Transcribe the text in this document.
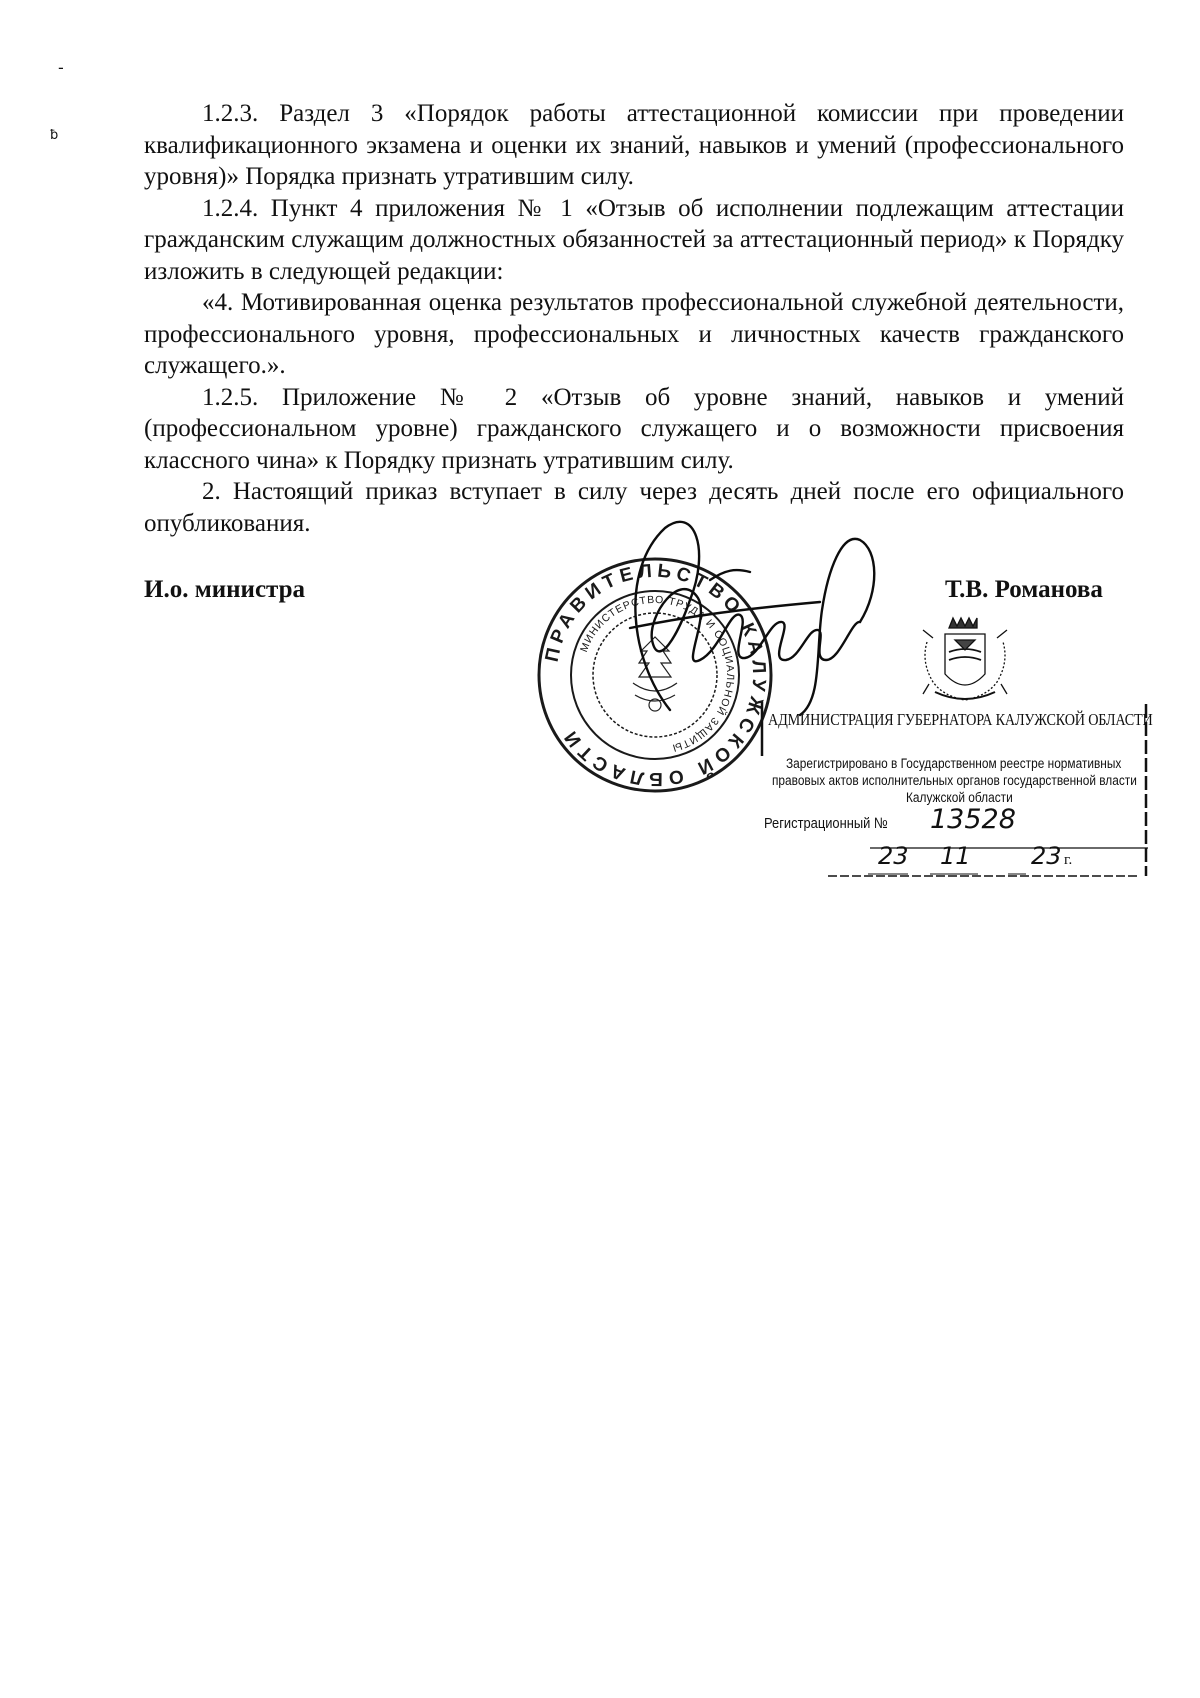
-
ƀ

1.2.3. Раздел 3 «Порядок работы аттестационной комиссии при проведении квалификационного экзамена и оценки их знаний, навыков и умений (профессионального уровня)» Порядка признать утратившим силу.

1.2.4. Пункт 4 приложения № 1 «Отзыв об исполнении подлежащим аттестации гражданским служащим должностных обязанностей за аттестационный период» к Порядку изложить в следующей редакции:

«4. Мотивированная оценка результатов профессиональной служебной деятельности, профессионального уровня, профессиональных и личностных качеств гражданского служащего.».

1.2.5. Приложение № 2 «Отзыв об уровне знаний, навыков и умений (профессиональном уровне) гражданского служащего и о возможности присвоения классного чина» к Порядку признать утратившим силу.

2. Настоящий приказ вступает в силу через десять дней после его официального опубликования.

И.о. министра	Т.В. Романова
ПРАВИТЕЛЬСТВО КАЛУЖСКОЙ ОБЛАСТИ
МИНИСТЕРСТВО ТРУДА И СОЦИАЛЬНОЙ ЗАЩИТЫ
АДМИНИСТРАЦИЯ ГУБЕРНАТОРА КАЛУЖСКОЙ ОБЛАСТИ
Зарегистрировано в Государственном реестре нормативных
правовых актов исполнительных органов государственной власти
Калужской области
Регистрационный № 13528
23 11	23 г.
